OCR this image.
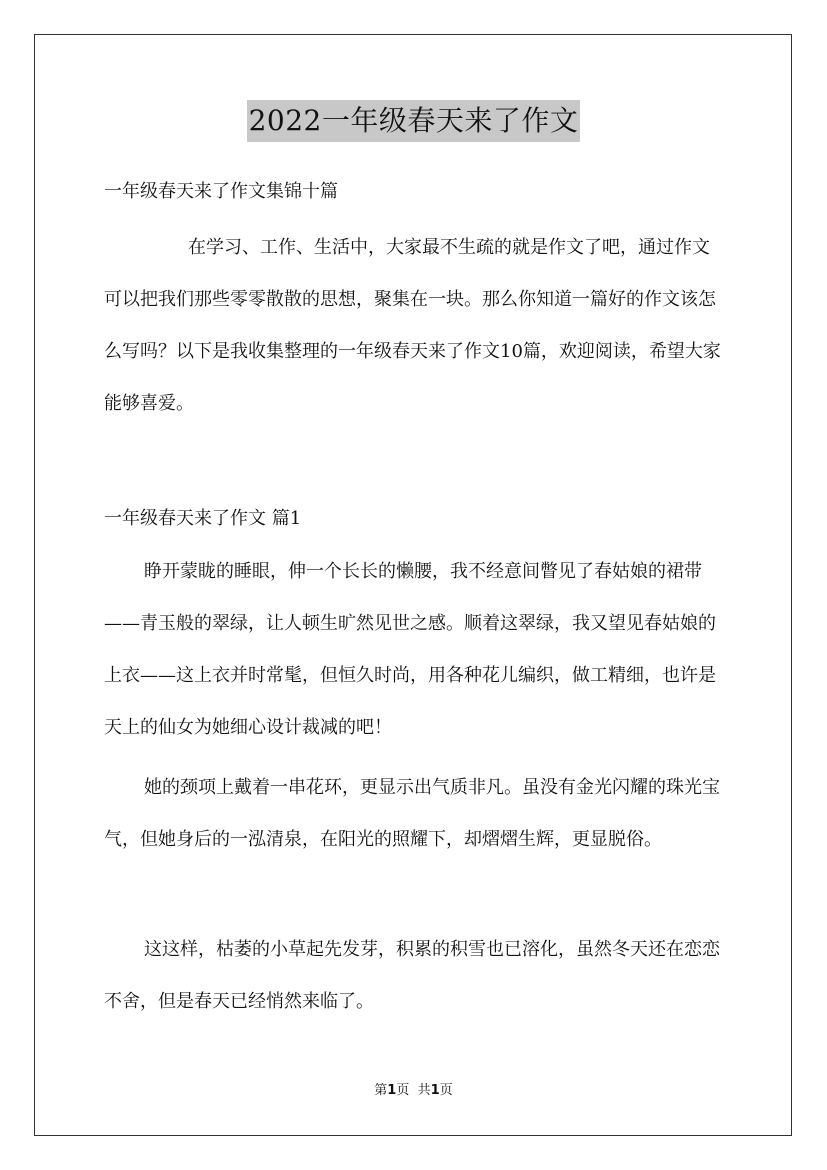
2022一年级春天来了作文

一年级春天来了作文集锦十篇

在学习、工作、生活中，大家最不生疏的就是作文了吧，通过作文可以把我们那些零零散散的思想，聚集在一块。那么你知道一篇好的作文该怎么写吗？以下是我收集整理的一年级春天来了作文10篇，欢迎阅读，希望大家能够喜爱。

一年级春天来了作文 篇1

睁开蒙眬的睡眼，伸一个长长的懒腰，我不经意间瞥见了春姑娘的裙带——青玉般的翠绿，让人顿生旷然见世之感。顺着这翠绿，我又望见春姑娘的上衣——这上衣并时常髦，但恒久时尚，用各种花儿编织，做工精细，也许是天上的仙女为她细心设计裁减的吧！

她的颈项上戴着一串花环，更显示出气质非凡。虽没有金光闪耀的珠光宝气，但她身后的一泓清泉，在阳光的照耀下，却熠熠生辉，更显脱俗。

这这样，枯萎的小草起先发芽，积累的积雪也已溶化，虽然冬天还在恋恋不舍，但是春天已经悄然来临了。

第1页 共1页
